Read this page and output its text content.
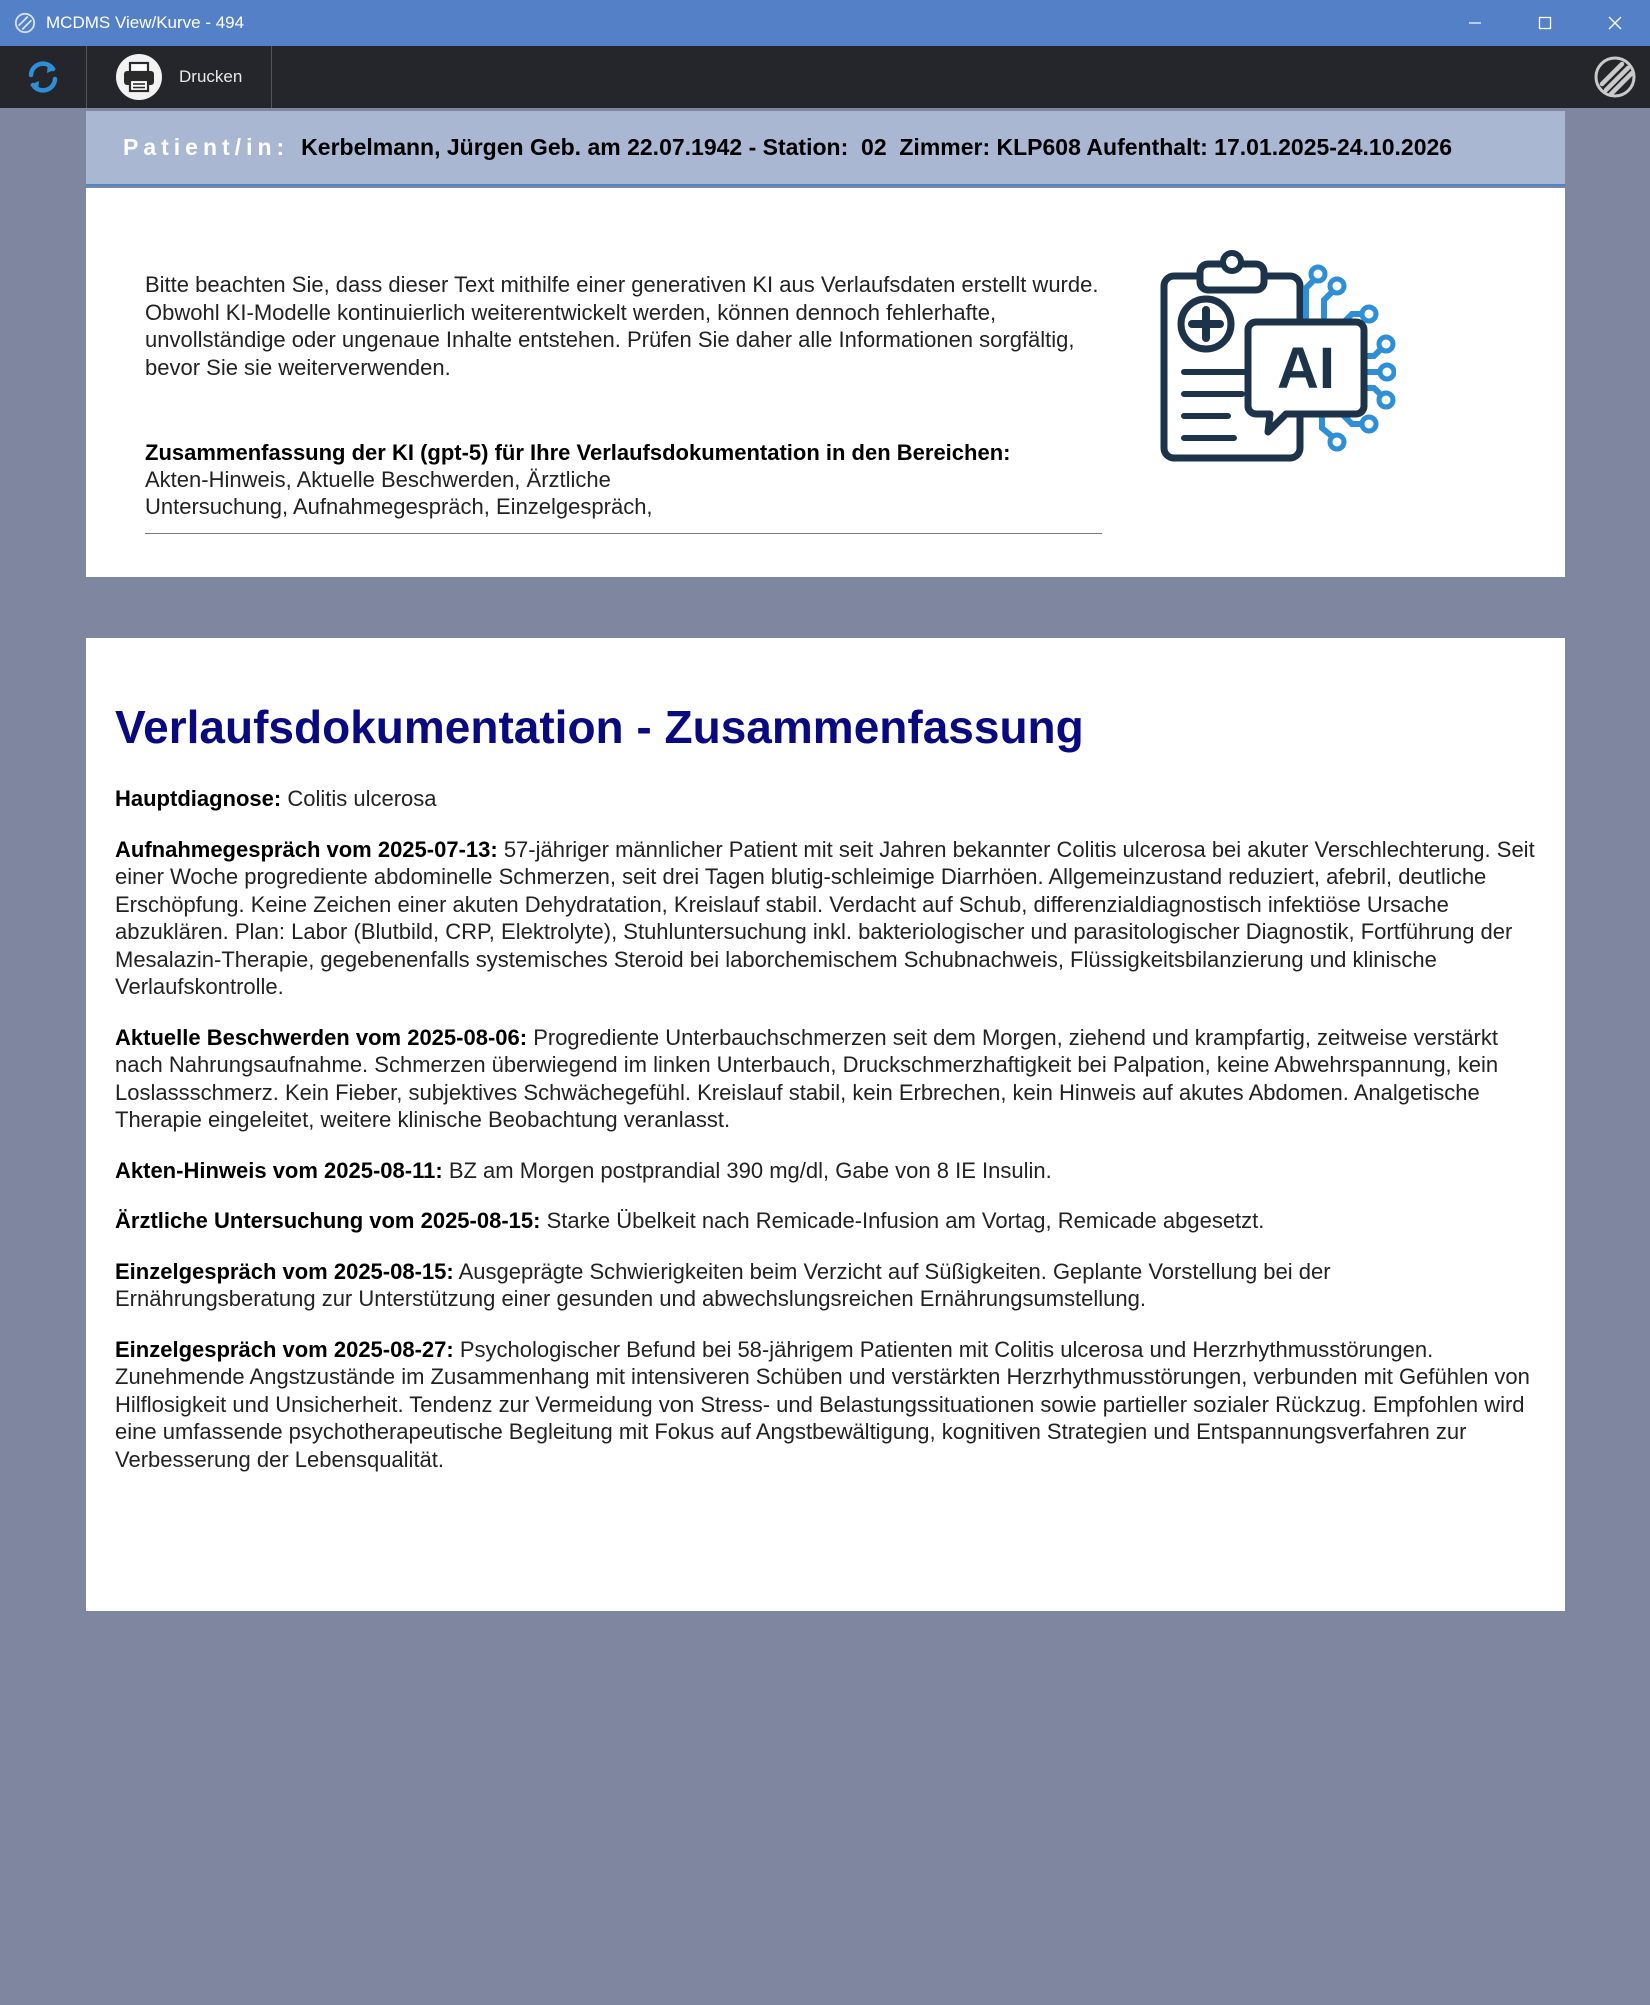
MCDMS View/Kurve - 494
Drucken
Patient/in: Kerbelmann, Jürgen Geb. am 22.07.1942 - Station:  02  Zimmer: KLP608 Aufenthalt: 17.01.2025-24.10.2026
Bitte beachten Sie, dass dieser Text mithilfe einer generativen KI aus Verlaufsdaten erstellt wurde. Obwohl KI-Modelle kontinuierlich weiterentwickelt werden, können dennoch fehlerhafte, unvollständige oder ungenaue Inhalte entstehen. Prüfen Sie daher alle Informationen sorgfältig, bevor Sie sie weiterverwenden.
Zusammenfassung der KI (gpt-5) für Ihre Verlaufsdokumentation in den Bereichen:
Akten-Hinweis, Aktuelle Beschwerden, Ärztliche Untersuchung, Aufnahmegespräch, Einzelgespräch,
AI
Verlaufsdokumentation - Zusammenfassung

Hauptdiagnose: Colitis ulcerosa

Aufnahmegespräch vom 2025-07-13: 57-jähriger männlicher Patient mit seit Jahren bekannter Colitis ulcerosa bei akuter Verschlechterung. Seit einer Woche progrediente abdominelle Schmerzen, seit drei Tagen blutig-schleimige Diarrhöen. Allgemeinzustand reduziert, afebril, deutliche Erschöpfung. Keine Zeichen einer akuten Dehydratation, Kreislauf stabil. Verdacht auf Schub, differenzialdiagnostisch infektiöse Ursache abzuklären. Plan: Labor (Blutbild, CRP, Elektrolyte), Stuhluntersuchung inkl. bakteriologischer und parasitologischer Diagnostik, Fortführung der Mesalazin-Therapie, gegebenenfalls systemisches Steroid bei laborchemischem Schubnachweis, Flüssigkeitsbilanzierung und klinische Verlaufskontrolle.

Aktuelle Beschwerden vom 2025-08-06: Progrediente Unterbauchschmerzen seit dem Morgen, ziehend und krampfartig, zeitweise verstärkt nach Nahrungsaufnahme. Schmerzen überwiegend im linken Unterbauch, Druckschmerzhaftigkeit bei Palpation, keine Abwehrspannung, kein Loslassschmerz. Kein Fieber, subjektives Schwächegefühl. Kreislauf stabil, kein Erbrechen, kein Hinweis auf akutes Abdomen. Analgetische Therapie eingeleitet, weitere klinische Beobachtung veranlasst.

Akten-Hinweis vom 2025-08-11: BZ am Morgen postprandial 390 mg/dl, Gabe von 8 IE Insulin.

Ärztliche Untersuchung vom 2025-08-15: Starke Übelkeit nach Remicade-Infusion am Vortag, Remicade abgesetzt.

Einzelgespräch vom 2025-08-15: Ausgeprägte Schwierigkeiten beim Verzicht auf Süßigkeiten. Geplante Vorstellung bei der Ernährungsberatung zur Unterstützung einer gesunden und abwechslungsreichen Ernährungsumstellung.

Einzelgespräch vom 2025-08-27: Psychologischer Befund bei 58-jährigem Patienten mit Colitis ulcerosa und Herzrhythmusstörungen. Zunehmende Angstzustände im Zusammenhang mit intensiveren Schüben und verstärkten Herzrhythmusstörungen, verbunden mit Gefühlen von Hilflosigkeit und Unsicherheit. Tendenz zur Vermeidung von Stress- und Belastungssituationen sowie partieller sozialer Rückzug. Empfohlen wird eine umfassende psychotherapeutische Begleitung mit Fokus auf Angstbewältigung, kognitiven Strategien und Entspannungsverfahren zur Verbesserung der Lebensqualität.
